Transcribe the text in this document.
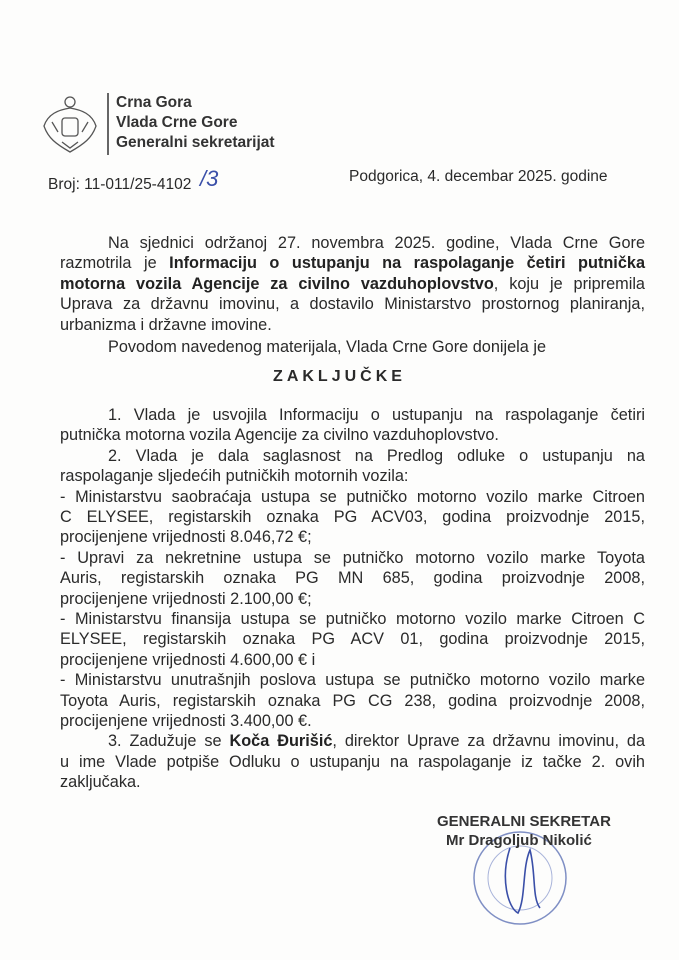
Crna Gora
Vlada Crne Gore
Generalni sekretarijat
Broj: 11-011/25-4102 /3	Podgorica, 4. decembar 2025. godine
ZAKLJUČKE
Na sjednici održanoj 27. novembra 2025. godine, Vlada Crne Gore
razmotrila je Informaciju o ustupanju na raspolaganje četiri putnička
motorna vozila Agencije za civilno vazduhoplovstvo, koju je pripremila
Uprava za državnu imovinu, a dostavilo Ministarstvo prostornog planiranja,
urbanizma i državne imovine.
Povodom navedenog materijala, Vlada Crne Gore donijela je
1. Vlada je usvojila Informaciju o ustupanju na raspolaganje četiri
putnička motorna vozila Agencije za civilno vazduhoplovstvo.
2. Vlada je dala saglasnost na Predlog odluke o ustupanju na
raspolaganje sljedećih putničkih motornih vozila:
- Ministarstvu saobraćaja ustupa se putničko motorno vozilo marke Citroen
C ELYSEE, registarskih oznaka PG ACV03, godina proizvodnje 2015,
procijenjene vrijednosti 8.046,72 €;
- Upravi za nekretnine ustupa se putničko motorno vozilo marke Toyota
Auris, registarskih oznaka PG MN 685, godina proizvodnje 2008,
procijenjene vrijednosti 2.100,00 €;
- Ministarstvu finansija ustupa se putničko motorno vozilo marke Citroen C
ELYSEE, registarskih oznaka PG ACV 01, godina proizvodnje 2015,
procijenjene vrijednosti 4.600,00 € i
- Ministarstvu unutrašnjih poslova ustupa se putničko motorno vozilo marke
Toyota Auris, registarskih oznaka PG CG 238, godina proizvodnje 2008,
procijenjene vrijednosti 3.400,00 €.
3. Zadužuje se Koča Đurišić, direktor Uprave za državnu imovinu, da
u ime Vlade potpiše Odluku o ustupanju na raspolaganje iz tačke 2. ovih
zaključaka.
GENERALNI SEKRETAR
Mr Dragoljub Nikolić
